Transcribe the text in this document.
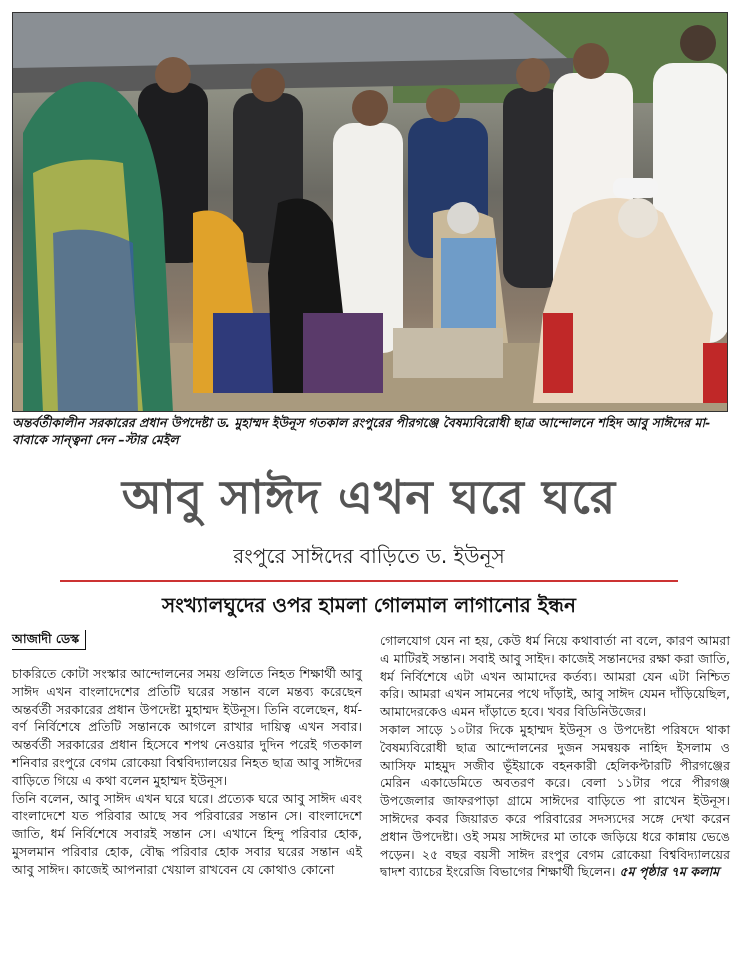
অন্তর্বর্তীকালীন সরকারের প্রধান উপদেষ্টা ড. মুহাম্মদ ইউনূস গতকাল রংপুরের পীরগঞ্জে বৈষম্যবিরোধী ছাত্র আন্দোলনে শহিদ আবু সাঈদের মা-বাবাকে সান্ত্বনা দেন –স্টার মেইল
আবু সাঈদ এখন ঘরে ঘরে
রংপুরে সাঈদের বাড়িতে ড. ইউনূস
সংখ্যালঘুদের ওপর হামলা গোলমাল লাগানোর ইন্ধন
আজাদী ডেস্ক

চাকরিতে কোটা সংস্কার আন্দোলনের সময় গুলিতে নিহত শিক্ষার্থী আবু সাঈদ এখন বাংলাদেশের প্রতিটি ঘরের সন্তান বলে মন্তব্য করেছেন অন্তর্বর্তী সরকারের প্রধান উপদেষ্টা মুহাম্মদ ইউনূস। তিনি বলেছেন, ধর্ম-বর্ণ নির্বিশেষে প্রতিটি সন্তানকে আগলে রাখার দায়িত্ব এখন সবার। অন্তর্বর্তী সরকারের প্রধান হিসেবে শপথ নেওয়ার দুদিন পরেই গতকাল শনিবার রংপুরে বেগম রোকেয়া বিশ্ববিদ্যালয়ের নিহত ছাত্র আবু সাঈদের বাড়িতে গিয়ে এ কথা বলেন মুহাম্মদ ইউনূস।

তিনি বলেন, আবু সাঈদ এখন ঘরে ঘরে। প্রত্যেক ঘরে আবু সাঈদ এবং বাংলাদেশে যত পরিবার আছে সব পরিবারের সন্তান সে। বাংলাদেশে জাতি, ধর্ম নির্বিশেষে সবারই সন্তান সে। এখানে হিন্দু পরিবার হোক, মুসলমান পরিবার হোক, বৌদ্ধ পরিবার হোক সবার ঘরের সন্তান এই আবু সাঈদ। কাজেই আপনারা খেয়াল রাখবেন যে কোথাও কোনো

গোলযোগ যেন না হয়, কেউ ধর্ম নিয়ে কথাবার্তা না বলে, কারণ আমরা এ মাটিরই সন্তান। সবাই আবু সাইদ। কাজেই সন্তানদের রক্ষা করা জাতি, ধর্ম নির্বিশেষে এটা এখন আমাদের কর্তব্য। আমরা যেন এটা নিশ্চিত করি। আমরা এখন সামনের পথে দাঁড়াই, আবু সাঈদ যেমন দাঁড়িয়েছিল, আমাদেরকেও এমন দাঁড়াতে হবে। খবর বিডিনিউজের।

সকাল সাড়ে ১০টার দিকে মুহাম্মদ ইউনূস ও উপদেষ্টা পরিষদে থাকা বৈষম্যবিরোধী ছাত্র আন্দোলনের দুজন সমন্বয়ক নাহিদ ইসলাম ও আসিফ মাহমুদ সজীব ভূঁইয়াকে বহনকারী হেলিকপ্টারটি পীরগঞ্জের মেরিন একাডেমিতে অবতরণ করে। বেলা ১১টার পরে পীরগঞ্জ উপজেলার জাফরপাড়া গ্রামে সাঈদের বাড়িতে পা রাখেন ইউনূস। সাঈদের কবর জিয়ারত করে পরিবারের সদস্যদের সঙ্গে দেখা করেন প্রধান উপদেষ্টা। ওই সময় সাঈদের মা তাকে জড়িয়ে ধরে কান্নায় ভেঙে পড়েন। ২৫ বছর বয়সী সাঈদ রংপুর বেগম রোকেয়া বিশ্ববিদ্যালয়ের দ্বাদশ ব্যাচের ইংরেজি বিভাগের শিক্ষার্থী ছিলেন। ৫ম পৃষ্ঠার ৭ম কলাম
